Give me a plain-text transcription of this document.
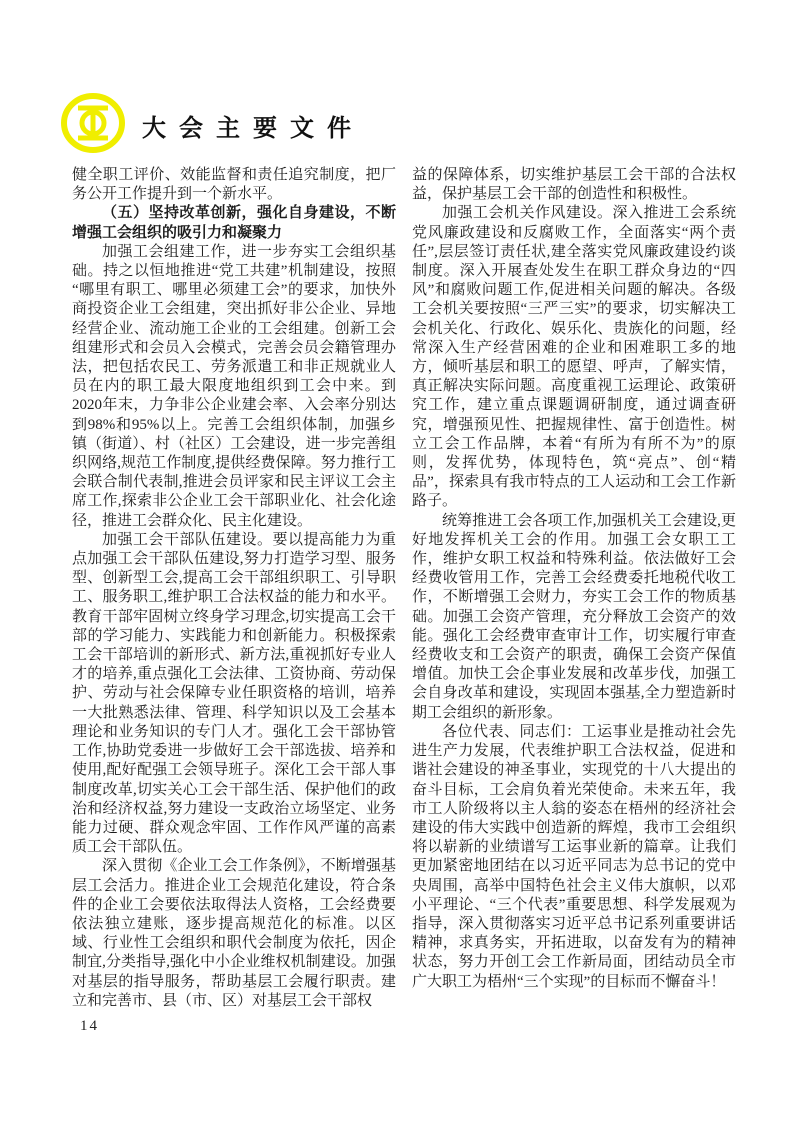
大会主要文件

健全职工评价、效能监督和责任追究制度，把厂务公开工作提升到一个新水平。

（五）坚持改革创新，强化自身建设，不断增强工会组织的吸引力和凝聚力

加强工会组建工作，进一步夯实工会组织基础。持之以恒地推进“党工共建”机制建设，按照“哪里有职工、哪里必须建工会”的要求，加快外商投资企业工会组建，突出抓好非公企业、异地经营企业、流动施工企业的工会组建。创新工会组建形式和会员入会模式，完善会员会籍管理办法，把包括农民工、劳务派遣工和非正规就业人员在内的职工最大限度地组织到工会中来。到2020年末，力争非公企业建会率、入会率分别达到98%和95%以上。完善工会组织体制，加强乡镇（街道）、村（社区）工会建设，进一步完善组织网络,规范工作制度,提供经费保障。努力推行工会联合制代表制,推进会员评家和民主评议工会主席工作,探索非公企业工会干部职业化、社会化途径，推进工会群众化、民主化建设。

加强工会干部队伍建设。要以提高能力为重点加强工会干部队伍建设,努力打造学习型、服务型、创新型工会,提高工会干部组织职工、引导职工、服务职工,维护职工合法权益的能力和水平。教育干部牢固树立终身学习理念,切实提高工会干部的学习能力、实践能力和创新能力。积极探索工会干部培训的新形式、新方法,重视抓好专业人才的培养,重点强化工会法律、工资协商、劳动保护、劳动与社会保障专业任职资格的培训，培养一大批熟悉法律、管理、科学知识以及工会基本理论和业务知识的专门人才。强化工会干部协管工作,协助党委进一步做好工会干部选拔、培养和使用,配好配强工会领导班子。深化工会干部人事制度改革,切实关心工会干部生活、保护他们的政治和经济权益,努力建设一支政治立场坚定、业务能力过硬、群众观念牢固、工作作风严谨的高素质工会干部队伍。

深入贯彻《企业工会工作条例》，不断增强基层工会活力。推进企业工会规范化建设，符合条件的企业工会要依法取得法人资格，工会经费要依法独立建账，逐步提高规范化的标准。以区域、行业性工会组织和职代会制度为依托，因企制宜,分类指导,强化中小企业维权机制建设。加强对基层的指导服务，帮助基层工会履行职责。建立和完善市、县（市、区）对基层工会干部权

益的保障体系，切实维护基层工会干部的合法权益，保护基层工会干部的创造性和积极性。

加强工会机关作风建设。深入推进工会系统党风廉政建设和反腐败工作，全面落实“两个责任”,层层签订责任状,建全落实党风廉政建设约谈制度。深入开展查处发生在职工群众身边的“四风”和腐败问题工作,促进相关问题的解决。各级工会机关要按照“三严三实”的要求，切实解决工会机关化、行政化、娱乐化、贵族化的问题，经常深入生产经营困难的企业和困难职工多的地方，倾听基层和职工的愿望、呼声，了解实情，真正解决实际问题。高度重视工运理论、政策研究工作，建立重点课题调研制度，通过调查研究，增强预见性、把握规律性、富于创造性。树立工会工作品牌，本着“有所为有所不为”的原则，发挥优势，体现特色，筑“亮点”、创“精品”，探索具有我市特点的工人运动和工会工作新路子。

统筹推进工会各项工作,加强机关工会建设,更好地发挥机关工会的作用。加强工会女职工工作，维护女职工权益和特殊利益。依法做好工会经费收管用工作，完善工会经费委托地税代收工作，不断增强工会财力，夯实工会工作的物质基础。加强工会资产管理，充分释放工会资产的效能。强化工会经费审查审计工作，切实履行审查经费收支和工会资产的职责，确保工会资产保值增值。加快工会企事业发展和改革步伐，加强工会自身改革和建设，实现固本强基,全力塑造新时期工会组织的新形象。

各位代表、同志们：工运事业是推动社会先进生产力发展，代表维护职工合法权益，促进和谐社会建设的神圣事业，实现党的十八大提出的奋斗目标，工会肩负着光荣使命。未来五年，我市工人阶级将以主人翁的姿态在梧州的经济社会建设的伟大实践中创造新的辉煌，我市工会组织将以崭新的业绩谱写工运事业新的篇章。让我们更加紧密地团结在以习近平同志为总书记的党中央周围，高举中国特色社会主义伟大旗帜，以邓小平理论、“三个代表”重要思想、科学发展观为指导，深入贯彻落实习近平总书记系列重要讲话精神，求真务实，开拓进取，以奋发有为的精神状态，努力开创工会工作新局面，团结动员全市广大职工为梧州“三个实现”的目标而不懈奋斗！

14
